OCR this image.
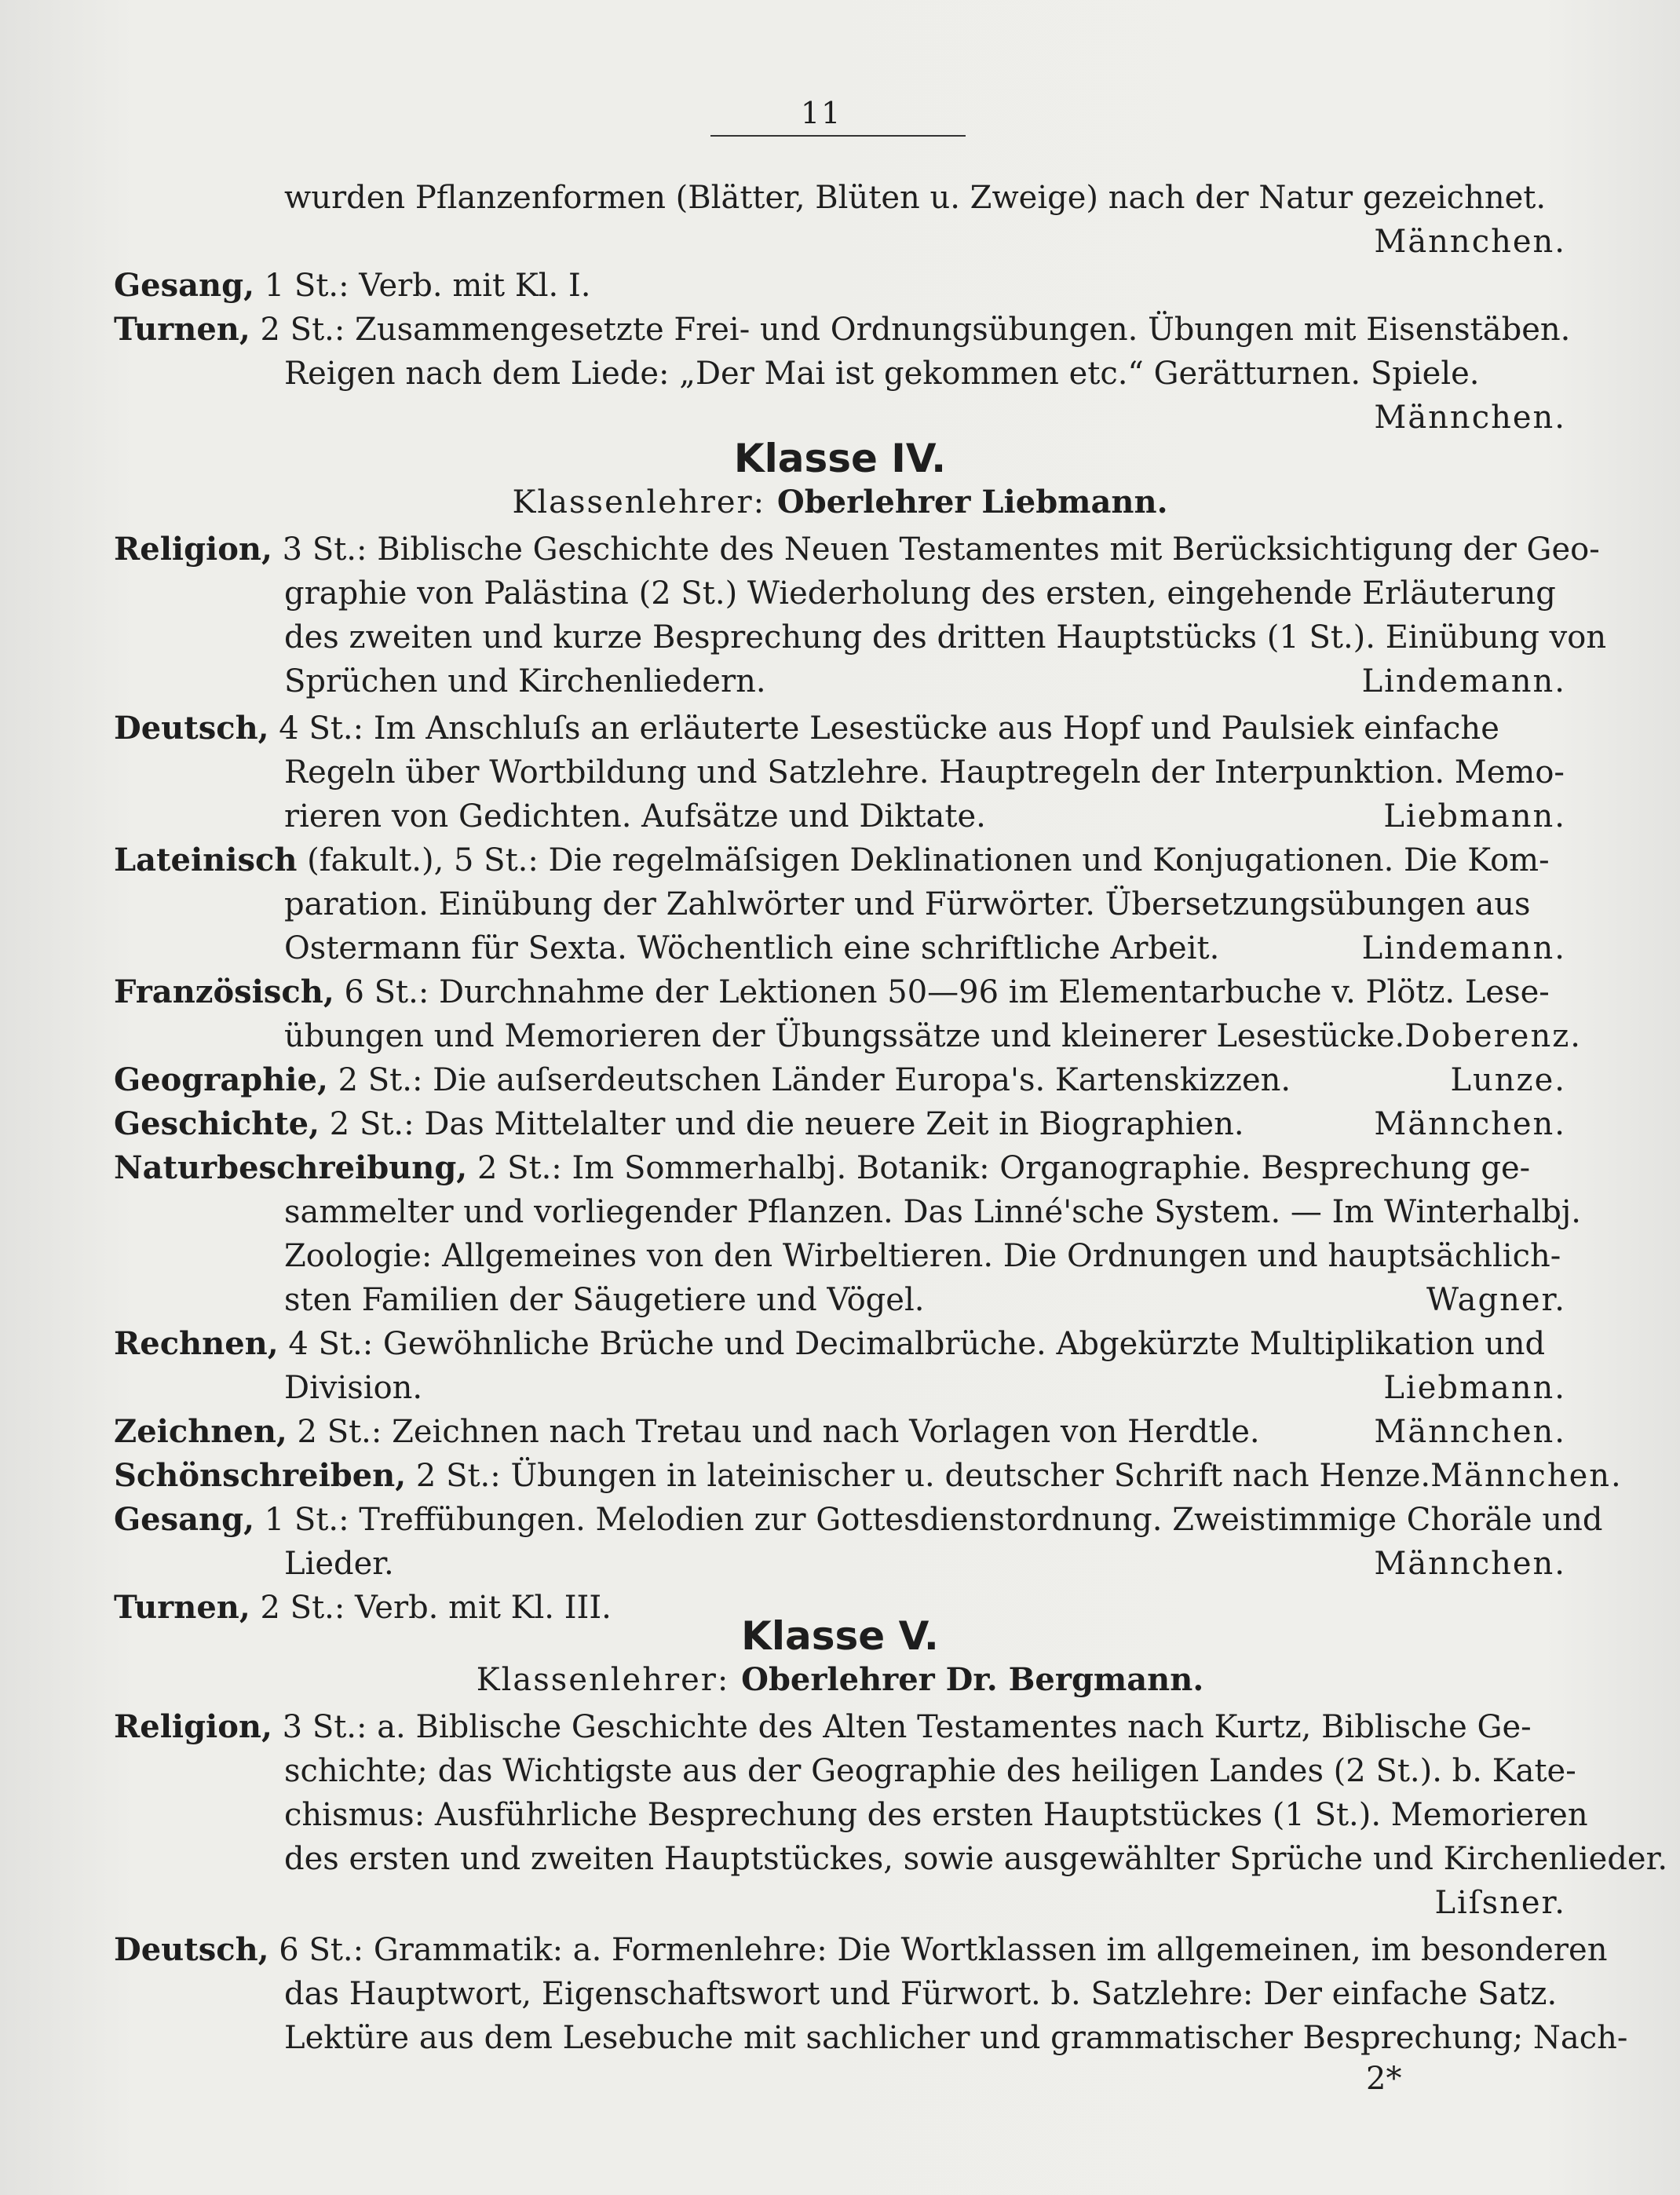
11
wurden Pflanzenformen (Blätter, Blüten u. Zweige) nach der Natur gezeichnet.
Männchen.
Gesang, 1 St.: Verb. mit Kl. I.
Turnen, 2 St.: Zusammengesetzte Frei- und Ordnungsübungen. Übungen mit Eisenstäben.
Reigen nach dem Liede: „Der Mai ist gekommen etc.“ Gerätturnen. Spiele.
Männchen.
Klasse IV.
Klassenlehrer: Oberlehrer Liebmann.
Religion, 3 St.: Biblische Geschichte des Neuen Testamentes mit Berücksichtigung der Geo-
graphie von Palästina (2 St.) Wiederholung des ersten, eingehende Erläuterung
des zweiten und kurze Besprechung des dritten Hauptstücks (1 St.). Einübung von
Sprüchen und Kirchenliedern.	Lindemann.
Deutsch, 4 St.: Im Anschluſs an erläuterte Lesestücke aus Hopf und Paulsiek einfache
Regeln über Wortbildung und Satzlehre. Hauptregeln der Interpunktion. Memo-
rieren von Gedichten. Aufsätze und Diktate.	Liebmann.
Lateinisch (fakult.), 5 St.: Die regelmäſsigen Deklinationen und Konjugationen. Die Kom-
paration. Einübung der Zahlwörter und Fürwörter. Übersetzungsübungen aus
Ostermann für Sexta. Wöchentlich eine schriftliche Arbeit.	Lindemann.
Französisch, 6 St.: Durchnahme der Lektionen 50—96 im Elementarbuche v. Plötz. Lese-
übungen und Memorieren der Übungssätze und kleinerer Lesestücke. Doberenz.
Geographie, 2 St.: Die auſserdeutschen Länder Europa's. Kartenskizzen.	Lunze.
Geschichte, 2 St.: Das Mittelalter und die neuere Zeit in Biographien.	Männchen.
Naturbeschreibung, 2 St.: Im Sommerhalbj. Botanik: Organographie. Besprechung ge-
sammelter und vorliegender Pflanzen. Das Linné'sche System. — Im Winterhalbj.
Zoologie: Allgemeines von den Wirbeltieren. Die Ordnungen und hauptsächlich-
sten Familien der Säugetiere und Vögel.	Wagner.
Rechnen, 4 St.: Gewöhnliche Brüche und Decimalbrüche. Abgekürzte Multiplikation und
Division.	Liebmann.
Zeichnen, 2 St.: Zeichnen nach Tretau und nach Vorlagen von Herdtle.	Männchen.
Schönschreiben, 2 St.: Übungen in lateinischer u. deutscher Schrift nach Henze. Männchen.
Gesang, 1 St.: Treffübungen. Melodien zur Gottesdienstordnung. Zweistimmige Choräle und
Lieder.	Männchen.
Turnen, 2 St.: Verb. mit Kl. III.
Klasse V.
Klassenlehrer: Oberlehrer Dr. Bergmann.
Religion, 3 St.: a. Biblische Geschichte des Alten Testamentes nach Kurtz, Biblische Ge-
schichte; das Wichtigste aus der Geographie des heiligen Landes (2 St.). b. Kate-
chismus: Ausführliche Besprechung des ersten Hauptstückes (1 St.). Memorieren
des ersten und zweiten Hauptstückes, sowie ausgewählter Sprüche und Kirchenlieder.
Liſsner.
Deutsch, 6 St.: Grammatik: a. Formenlehre: Die Wortklassen im allgemeinen, im besonderen
das Hauptwort, Eigenschaftswort und Fürwort. b. Satzlehre: Der einfache Satz.
Lektüre aus dem Lesebuche mit sachlicher und grammatischer Besprechung; Nach-
2*
